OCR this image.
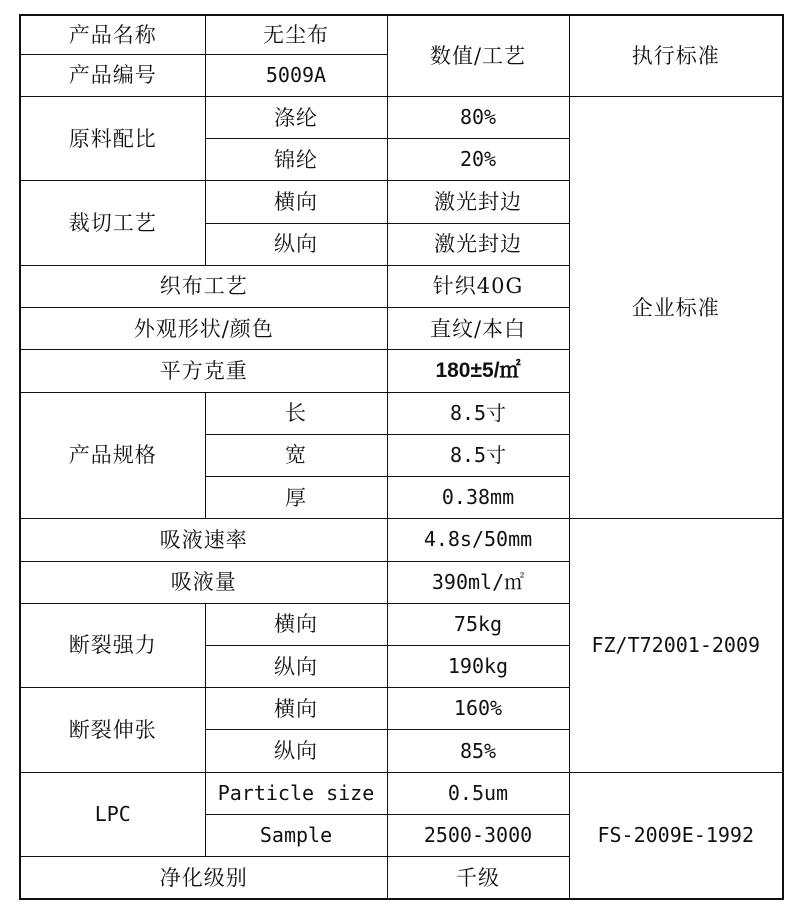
产品名称	无尘布	数值/工艺	执行标准
产品编号	5009A		
原料配比	涤纶	80%	企业标准
	锦纶	20%	
裁切工艺	横向	激光封边	
	纵向	激光封边	
织布工艺		针织40G	
外观形状/颜色		直纹/本白	
平方克重		180±5/㎡	
产品规格	长	8.5寸	
	宽	8.5寸	
	厚	0.38mm	
吸液速率		4.8s/50mm	FZ/T72001-2009
吸液量		390ml/㎡	
断裂强力	横向	75kg	
	纵向	190kg	
断裂伸张	横向	160%	
	纵向	85%	
LPC	Particle size	0.5um	FS-2009E-1992
	Sample	2500-3000	
净化级别		千级	
